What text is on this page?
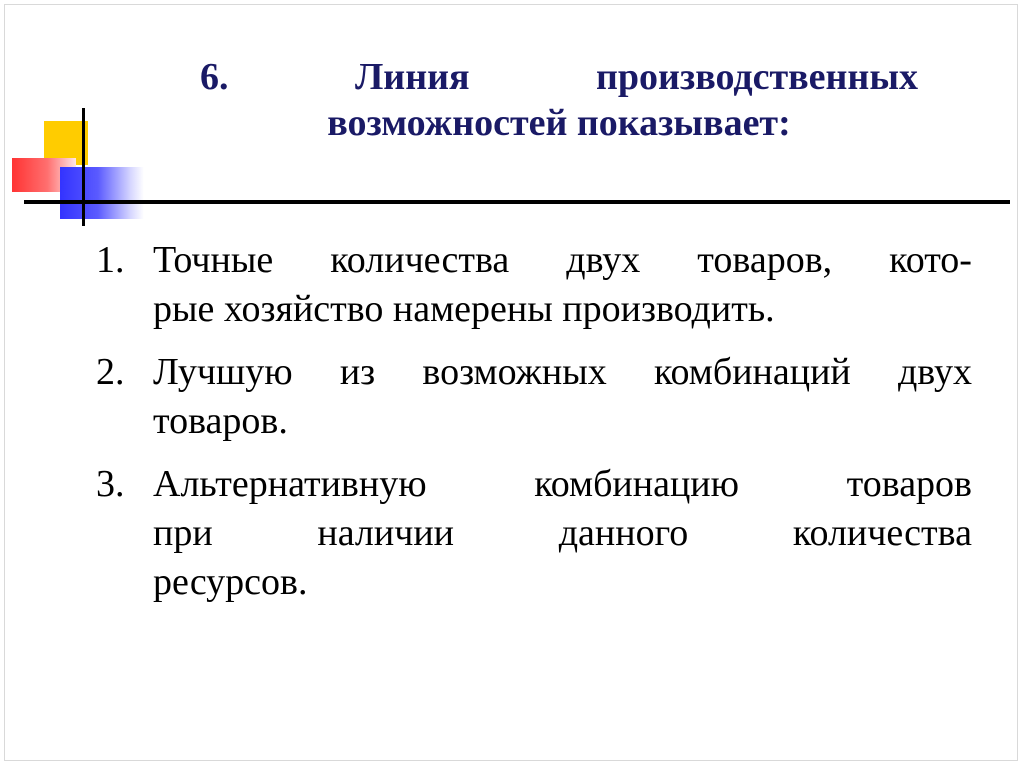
6.	Линия	производственных
возможностей показывает:
1. Точные количества двух товаров, кото-
рые хозяйство намерены производить.
2. Лучшую из возможных комбинаций двух
товаров.
3. Альтернативную	комбинацию	товаров
при	наличии	данного	количества
ресурсов.
